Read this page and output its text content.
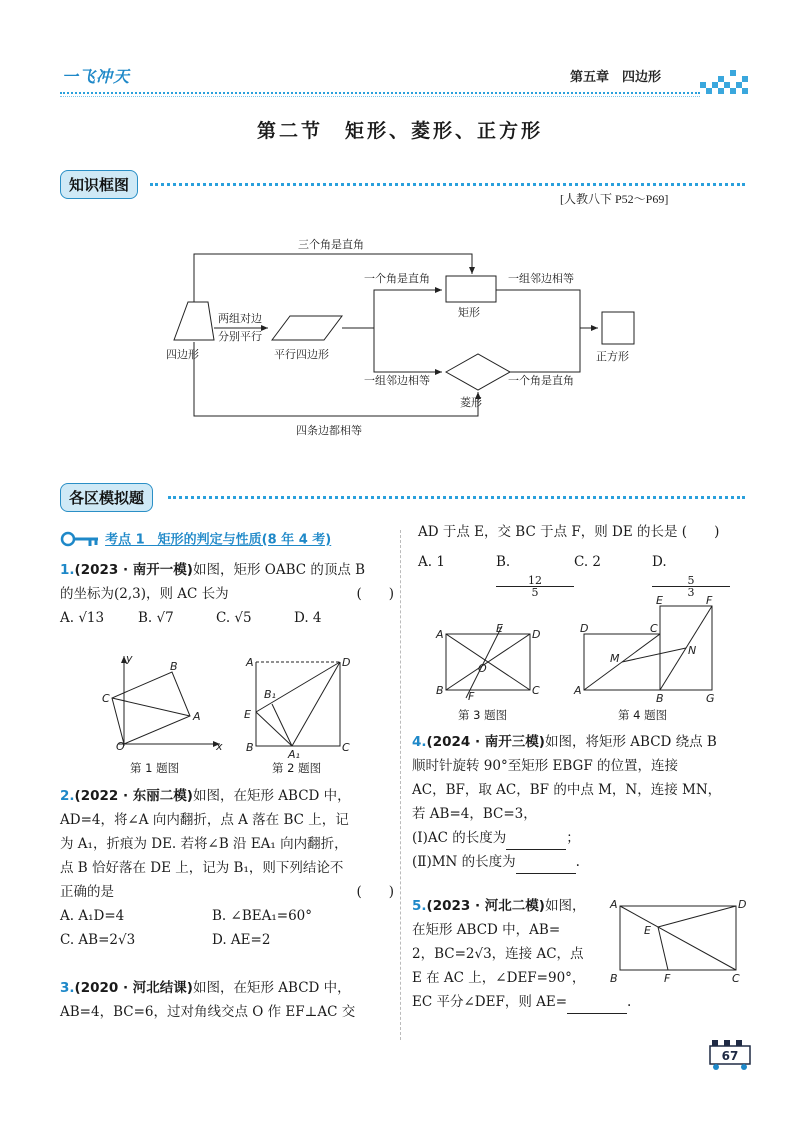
一飞冲天	第五章　四边形
第二节　矩形、菱形、正方形
知识框图
[人教八下 P52～P69]
三个角是直角
四条边都相等
四边形
两组对边
分别平行
平行四边形
一个角是直角
矩形
一组邻边相等
菱形
一组邻边相等
一个角是直角
正方形
各区模拟题
考点 1　矩形的判定与性质(8 年 4 考)
1.(2023 · 南开一模)如图，矩形 OABC 的顶点 B
的坐标为(2,3)，则 AC 长为	(　　)
A. √13	B. √7	C. √5	D. 4
y
B
C
A
O	x
第 1 题图
A	D
B₁
E
B
A₁
C
第 2 题图
2.(2022 · 东丽二模)如图，在矩形 ABCD 中，
AD=4，将∠A 向内翻折，点 A 落在 BC 上，记
为 A₁，折痕为 DE. 若将∠B 沿 EA₁ 向内翻折，
点 B 恰好落在 DE 上，记为 B₁，则下列结论不
正确的是	(　　)
A. A₁D=4	B. ∠BEA₁=60°
C. AB=2√3	D. AE=2
3.(2020 · 河北结课)如图，在矩形 ABCD 中，
AB=4，BC=6，过对角线交点 O 作 EF⊥AC 交
AD 于点 E，交 BC 于点 F，则 DE 的长是 (　　)
A. 1	B.
$\frac{12}{5}$
C. 2	D.
$\frac{5}{3}$
A	E	D
O
B F	C
第 3 题图
E	F
D	C
M
N
A
B	G
第 4 题图
4.(2024 · 南开三模)如图，将矩形 ABCD 绕点 B
顺时针旋转 90°至矩形 EBGF 的位置，连接
AC，BF，取 AC，BF 的中点 M，N，连接 MN，
若 AB=4，BC=3，
(Ⅰ)AC 的长度为	；
(Ⅱ)MN 的长度为	.
5.(2023 · 河北二模)如图，
在矩形 ABCD 中，AB=
2，BC=2√3，连接 AC，点
E 在 AC 上，∠DEF=90°，
EC 平分∠DEF，则 AE=	.
A	D
E
B	F	C
67
